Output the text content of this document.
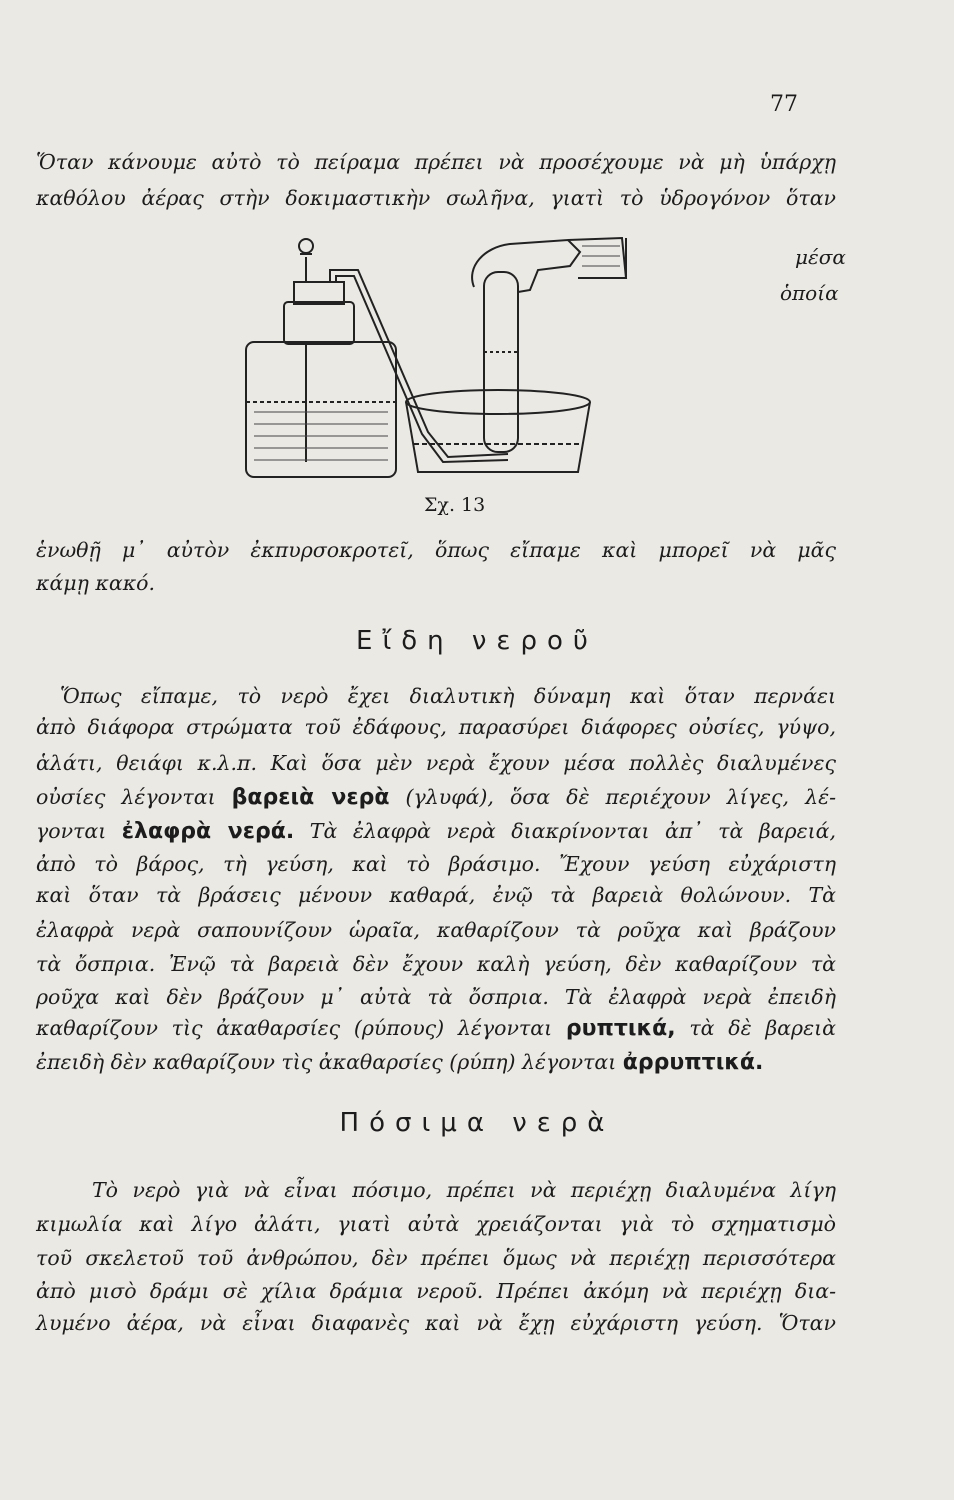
77
Ὅταν κάνουμε αὐτὸ τὸ πείραμα πρέπει νὰ προσέχουμε νὰ μὴ ὑπάρχῃ
καθόλου ἀέρας στὴν δοκιμαστικὴν σωλῆνα, γιατὶ τὸ ὑδρογόνον ὅταν
μέσα
ὁποία
Σχ. 13
ἑνωθῇ μ᾽ αὐτὸν ἐκπυρσοκροτεῖ, ὅπως εἴπαμε καὶ μπορεῖ νὰ μᾶς
κάμῃ κακό.
Εἴδη νεροῦ
Ὅπως εἴπαμε, τὸ νερὸ ἔχει διαλυτικὴ δύναμη καὶ ὅταν περνάει
ἀπὸ διάφορα στρώματα τοῦ ἐδάφους, παρασύρει διάφορες οὐσίες, γύψο,
ἁλάτι, θειάφι κ.λ.π. Καὶ ὅσα μὲν νερὰ ἔχουν μέσα πολλὲς διαλυμένες
οὐσίες λέγονται βαρειὰ νερὰ (γλυφά), ὅσα δὲ περιέχουν λίγες, λέ-
γονται ἐλαφρὰ νερά. Τὰ ἐλαφρὰ νερὰ διακρίνονται ἀπ᾽ τὰ βαρειά,
ἀπὸ τὸ βάρος, τὴ γεύση, καὶ τὸ βράσιμο. Ἔχουν γεύση εὐχάριστη
καὶ ὅταν τὰ βράσεις μένουν καθαρά, ἐνῷ τὰ βαρειὰ θολώνουν. Τὰ
ἐλαφρὰ νερὰ σαπουνίζουν ὡραῖα, καθαρίζουν τὰ ροῦχα καὶ βράζουν
τὰ ὄσπρια. Ἐνῷ τὰ βαρειὰ δὲν ἔχουν καλὴ γεύση, δὲν καθαρίζουν τὰ
ροῦχα καὶ δὲν βράζουν μ᾽ αὐτὰ τὰ ὄσπρια. Τὰ ἐλαφρὰ νερὰ ἐπειδὴ
καθαρίζουν τὶς ἀκαθαρσίες (ρύπους) λέγονται ρυπτικά, τὰ δὲ βαρειὰ
ἐπειδὴ δὲν καθαρίζουν τὶς ἀκαθαρσίες (ρύπη) λέγονται ἀρρυπτικά.
Πόσιμα νερὰ
Τὸ νερὸ γιὰ νὰ εἶναι πόσιμο, πρέπει νὰ περιέχῃ διαλυμένα λίγη
κιμωλία καὶ λίγο ἀλάτι, γιατὶ αὐτὰ χρειάζονται γιὰ τὸ σχηματισμὸ
τοῦ σκελετοῦ τοῦ ἀνθρώπου, δὲν πρέπει ὅμως νὰ περιέχῃ περισσότερα
ἀπὸ μισὸ δράμι σὲ χίλια δράμια νεροῦ. Πρέπει ἀκόμη νὰ περιέχῃ δια-
λυμένο ἀέρα, νὰ εἶναι διαφανὲς καὶ νὰ ἔχῃ εὐχάριστη γεύση. Ὅταν
